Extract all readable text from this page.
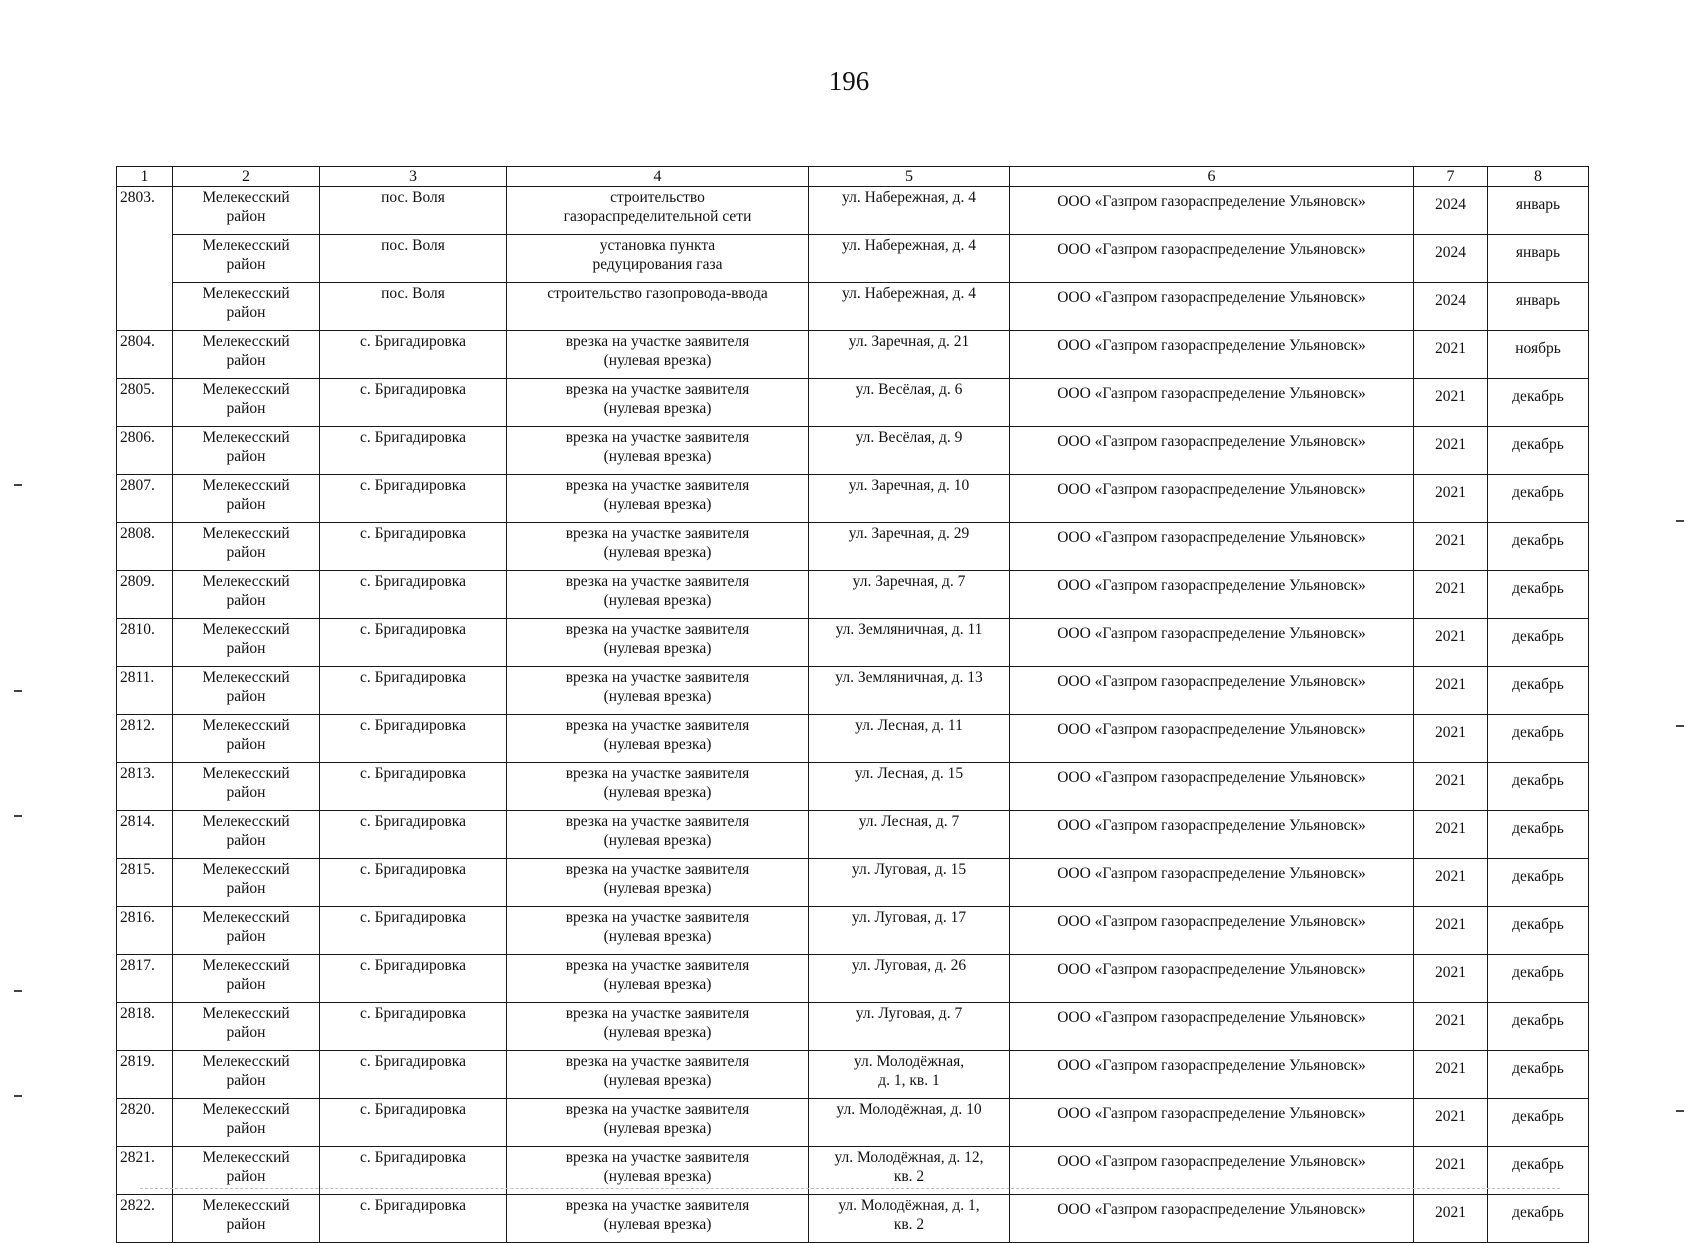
196
1	2	3	4	5	6	7	8
2803.	Мелекесский
район	пос. Воля	строительство
газораспределительной сети	ул. Набережная, д. 4	ООО «Газпром газораспределение Ульяновск»	2024	январь

	Мелекесский
район	пос. Воля	установка пункта
редуцирования газа	ул. Набережная, д. 4	ООО «Газпром газораспределение Ульяновск»	2024	январь

	Мелекесский
район	пос. Воля	строительство газопровода-ввода	ул. Набережная, д. 4	ООО «Газпром газораспределение Ульяновск»	2024	январь
2804.	Мелекесский
район	с. Бригадировка	врезка на участке заявителя
(нулевая врезка)	ул. Заречная, д. 21	ООО «Газпром газораспределение Ульяновск»	2021	ноябрь
2805.	Мелекесский
район	с. Бригадировка	врезка на участке заявителя
(нулевая врезка)	ул. Весёлая, д. 6	ООО «Газпром газораспределение Ульяновск»	2021	декабрь
2806.	Мелекесский
район	с. Бригадировка	врезка на участке заявителя
(нулевая врезка)	ул. Весёлая, д. 9	ООО «Газпром газораспределение Ульяновск»	2021	декабрь
2807.	Мелекесский
район	с. Бригадировка	врезка на участке заявителя
(нулевая врезка)	ул. Заречная, д. 10	ООО «Газпром газораспределение Ульяновск»	2021	декабрь
2808.	Мелекесский
район	с. Бригадировка	врезка на участке заявителя
(нулевая врезка)	ул. Заречная, д. 29	ООО «Газпром газораспределение Ульяновск»	2021	декабрь
2809.	Мелекесский
район	с. Бригадировка	врезка на участке заявителя
(нулевая врезка)	ул. Заречная, д. 7	ООО «Газпром газораспределение Ульяновск»	2021	декабрь
2810.	Мелекесский
район	с. Бригадировка	врезка на участке заявителя
(нулевая врезка)	ул. Земляничная, д. 11	ООО «Газпром газораспределение Ульяновск»	2021	декабрь
2811.	Мелекесский
район	с. Бригадировка	врезка на участке заявителя
(нулевая врезка)	ул. Земляничная, д. 13	ООО «Газпром газораспределение Ульяновск»	2021	декабрь
2812.	Мелекесский
район	с. Бригадировка	врезка на участке заявителя
(нулевая врезка)	ул. Лесная, д. 11	ООО «Газпром газораспределение Ульяновск»	2021	декабрь
2813.	Мелекесский
район	с. Бригадировка	врезка на участке заявителя
(нулевая врезка)	ул. Лесная, д. 15	ООО «Газпром газораспределение Ульяновск»	2021	декабрь
2814.	Мелекесский
район	с. Бригадировка	врезка на участке заявителя
(нулевая врезка)	ул. Лесная, д. 7	ООО «Газпром газораспределение Ульяновск»	2021	декабрь
2815.	Мелекесский
район	с. Бригадировка	врезка на участке заявителя
(нулевая врезка)	ул. Луговая, д. 15	ООО «Газпром газораспределение Ульяновск»	2021	декабрь
2816.	Мелекесский
район	с. Бригадировка	врезка на участке заявителя
(нулевая врезка)	ул. Луговая, д. 17	ООО «Газпром газораспределение Ульяновск»	2021	декабрь
2817.	Мелекесский
район	с. Бригадировка	врезка на участке заявителя
(нулевая врезка)	ул. Луговая, д. 26	ООО «Газпром газораспределение Ульяновск»	2021	декабрь
2818.	Мелекесский
район	с. Бригадировка	врезка на участке заявителя
(нулевая врезка)	ул. Луговая, д. 7	ООО «Газпром газораспределение Ульяновск»	2021	декабрь
2819.	Мелекесский
район	с. Бригадировка	врезка на участке заявителя
(нулевая врезка)	ул. Молодёжная,
д. 1, кв. 1	ООО «Газпром газораспределение Ульяновск»	2021	декабрь
2820.	Мелекесский
район	с. Бригадировка	врезка на участке заявителя
(нулевая врезка)	ул. Молодёжная, д. 10	ООО «Газпром газораспределение Ульяновск»	2021	декабрь
2821.	Мелекесский
район	с. Бригадировка	врезка на участке заявителя
(нулевая врезка)	ул. Молодёжная, д. 12,
кв. 2	ООО «Газпром газораспределение Ульяновск»	2021	декабрь
2822.	Мелекесский
район	с. Бригадировка	врезка на участке заявителя
(нулевая врезка)	ул. Молодёжная, д. 1,
кв. 2	ООО «Газпром газораспределение Ульяновск»	2021	декабрь
